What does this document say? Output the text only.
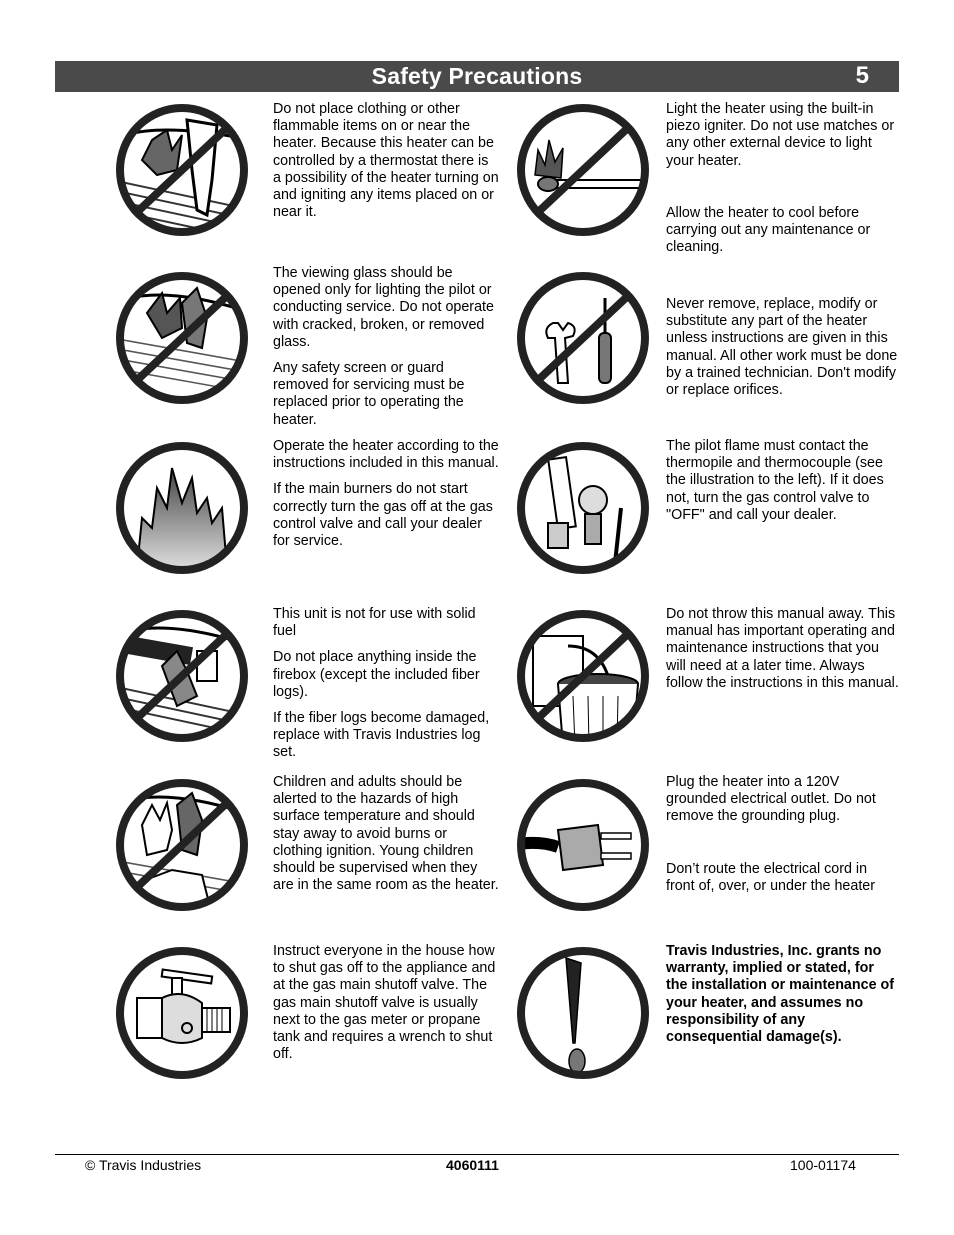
Safety Precautions	5

Do not place clothing or other flammable items on or near the heater. Because this heater can be controlled by a thermostat there is a possibility of the heater turning on and igniting any items placed on or near it.

The viewing glass should be opened only for lighting the pilot or conducting service. Do not operate with cracked, broken, or removed glass.

Any safety screen or guard removed for servicing must be replaced prior to operating the heater.

Operate the heater according to the instructions included in this manual.

If the main burners do not start correctly turn the gas off at the gas control valve and call your dealer for service.

This unit is not for use with solid fuel

Do not place anything inside the firebox (except the included fiber logs).

If the fiber logs become damaged, replace with Travis Industries log set.

Children and adults should be alerted to the hazards of high surface temperature and should stay away to avoid burns or clothing ignition. Young children should be supervised when they are in the same room as the heater.

Instruct everyone in the house how to shut gas off to the appliance and at the gas main shutoff valve. The gas main shutoff valve is usually next to the gas meter or propane tank and requires a wrench to shut off.

Light the heater using the built-in piezo igniter. Do not use matches or any other external device to light your heater.

Allow the heater to cool before carrying out any maintenance or cleaning.

Never remove, replace, modify or substitute any part of the heater unless instructions are given in this manual. All other work must be done by a trained technician. Don't modify or replace orifices.

The pilot flame must contact the thermopile and thermocouple (see the illustration to the left). If it does not, turn the gas control valve to "OFF" and call your dealer.

Do not throw this manual away. This manual has important operating and maintenance instructions that you will need at a later time. Always follow the instructions in this manual.

Plug the heater into a 120V grounded electrical outlet. Do not remove the grounding plug.

Don’t route the electrical cord in front of, over, or under the heater

Travis Industries, Inc. grants no warranty, implied or stated, for the installation or maintenance of your heater, and assumes no responsibility of any consequential damage(s).

© Travis Industries	4060111	100-01174
